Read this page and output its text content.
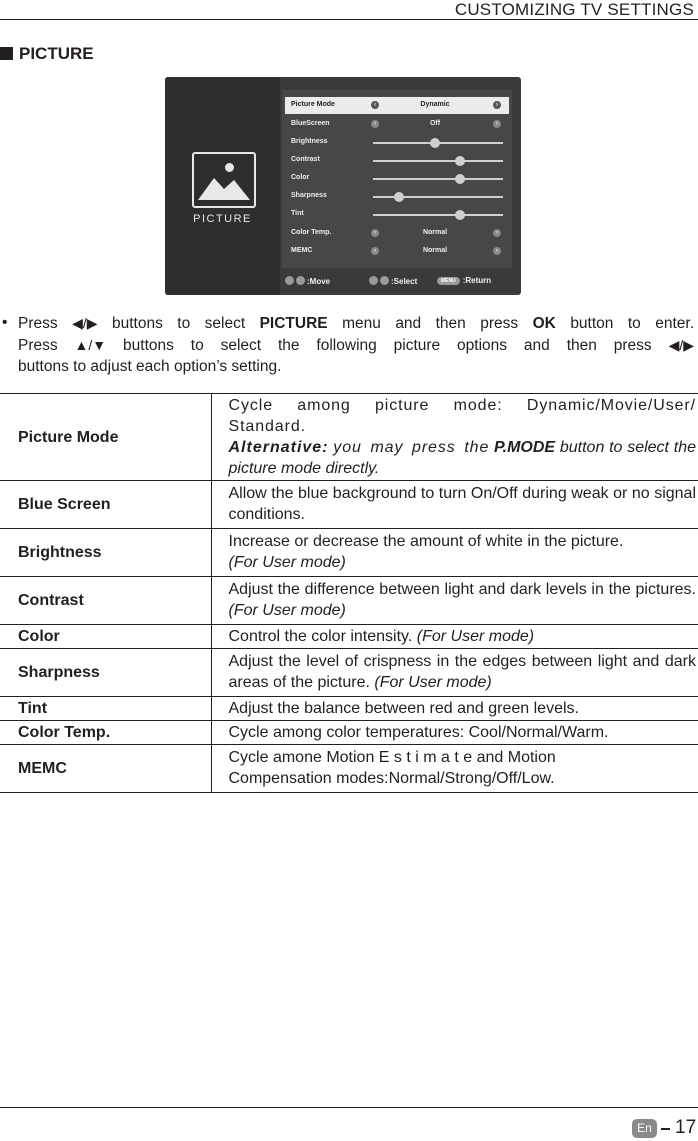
CUSTOMIZING TV SETTINGS
PICTURE
PICTURE
Picture Mode	‹	Dynamic	›
BlueScreen	‹	Off	›
Brightness
Contrast
Color
Sharpness
Tint
Color Temp.	‹	Normal	›
MEMC	‹	Normal	›
:Move	:Select	MENU :Return
• Press ◀/▶ buttons to select PICTURE menu and then press OK button to enter.
Press ▲/▼ buttons to select the following picture options and then press ◀/▶
buttons to adjust each option’s setting.
Picture Mode	Cycle among picture mode: Dynamic/Movie/User/ Standard.
Alternative: you may press the P.MODE button to select the picture mode directly.
Blue Screen	Allow the blue background to turn On/Off during weak or no signal conditions.
Brightness	Increase or decrease the amount of white in the picture.
(For User mode)
Contrast	Adjust the difference between light and dark levels in the pictures. (For User mode)
Color	Control the color intensity. (For User mode)
Sharpness	Adjust the level of crispness in the edges between light and dark areas of the picture. (For User mode)
Tint	Adjust the balance between red and green levels.
Color Temp.	Cycle among color temperatures: Cool/Normal/Warm.
MEMC	Cycle amone Motion E s t i m a t e and Motion
Compensation modes:Normal/Strong/Off/Low.
En 17
